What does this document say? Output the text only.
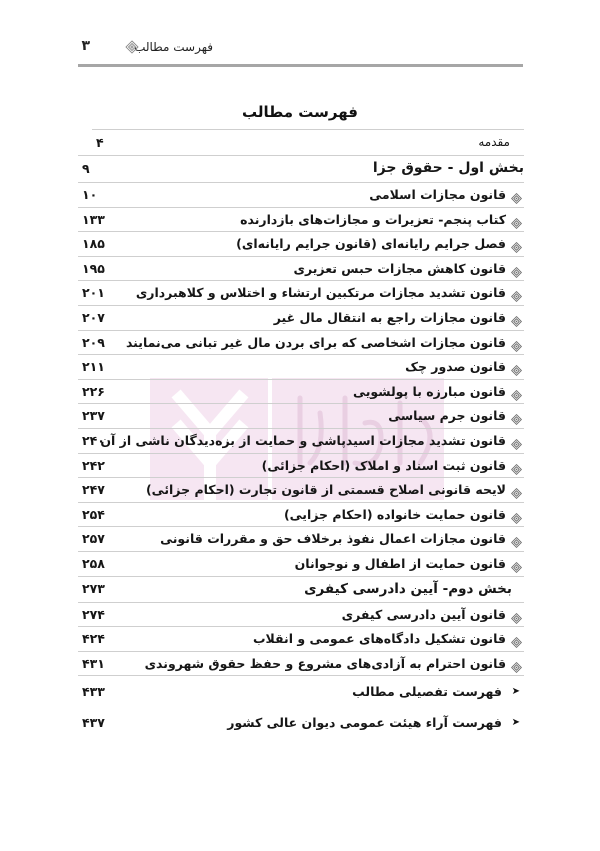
فهرست مطالب
۳
فهرست مطالب
مقدمه
۴
بخش اول - حقوق جزا
۹
قانون مجازات اسلامی
۱۰
کتاب پنجم- تعزیرات و مجازات‌های بازدارنده
۱۳۳
فصل جرایم رایانه‌ای (قانون جرایم رایانه‌ای)
۱۸۵
قانون کاهش مجازات حبس تعزیری
۱۹۵
قانون تشدید مجازات مرتکبین ارتشاء و اختلاس و کلاهبرداری
۲۰۱
قانون مجازات راجع به انتقال مال غیر
۲۰۷
قانون مجازات اشخاصی که برای بردن مال غیر تبانی می‌نمایند
۲۰۹
قانون صدور چک
۲۱۱
قانون مبارزه با پولشویی
۲۲۶
قانون جرم سیاسی
۲۳۷
قانون تشدید مجازات اسیدپاشی و حمایت از بزه‌دیدگان ناشی از آن
۲۴۰
قانون ثبت اسناد و املاک (احکام جزائی)
۲۴۲
لایحه قانونی اصلاح قسمتی از قانون تجارت (احکام جزائی)
۲۴۷
قانون حمایت خانواده (احکام جزایی)
۲۵۴
قانون مجازات اعمال نفوذ برخلاف حق و مقررات قانونی
۲۵۷
قانون حمایت از اطفال و نوجوانان
۲۵۸
بخش دوم- آیین دادرسی کیفری
۲۷۳
قانون آیین دادرسی کیفری
۲۷۴
قانون تشکیل دادگاه‌های عمومی و انقلاب
۴۲۴
قانون احترام به آزادی‌های مشروع و حفظ حقوق شهروندی
۴۳۱
➤
فهرست تفصیلی مطالب
۴۳۳
➤
فهرست آراء هیئت عمومی دیوان عالی کشور
۴۳۷
